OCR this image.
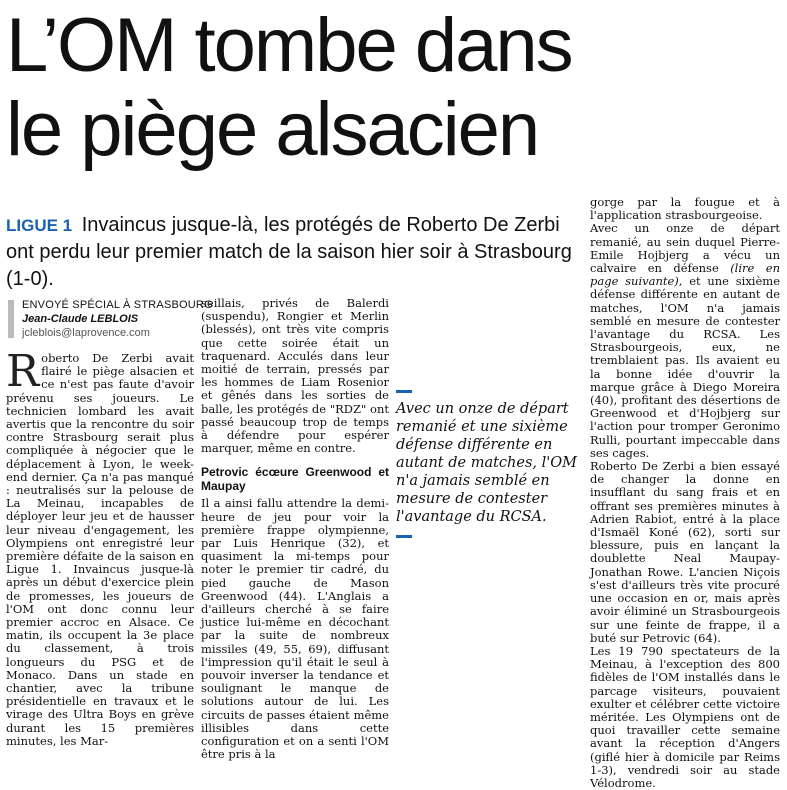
L’OM tombe dans
le piège alsacien
LIGUE 1 Invaincus jusque-là, les protégés de Roberto De Zerbi ont perdu leur premier match de la saison hier soir à Strasbourg (1-0).
ENVOYÉ SPÉCIAL À STRASBOURG
Jean-Claude LEBLOIS
jcleblois@laprovence.com

Roberto De Zerbi avait flairé le piège alsacien et ce n'est pas faute d'avoir prévenu ses joueurs. Le technicien lombard les avait avertis que la rencontre du soir contre Strasbourg serait plus compliquée à négocier que le déplacement à Lyon, le week-end dernier. Ça n'a pas manqué : neutralisés sur la pelouse de La Meinau, incapables de déployer leur jeu et de hausser leur niveau d'engagement, les Olympiens ont enregistré leur première défaite de la saison en Ligue 1. Invaincus jusque-là après un début d'exercice plein de promesses, les joueurs de l'OM ont donc connu leur premier accroc en Alsace. Ce matin, ils occupent la 3e place du classement, à trois longueurs du PSG et de Monaco. Dans un stade en chantier, avec la tribune présidentielle en travaux et le virage des Ultra Boys en grève durant les 15 premières minutes, les Mar-

seillais, privés de Balerdi (suspendu), Rongier et Merlin (blessés), ont très vite compris que cette soirée était un traquenard. Acculés dans leur moitié de terrain, pressés par les hommes de Liam Rosenior et gênés dans les sorties de balle, les protégés de "RDZ" ont passé beaucoup trop de temps à défendre pour espérer marquer, même en contre.

Petrovic écœure Greenwood et Maupay

Il a ainsi fallu attendre la demi-heure de jeu pour voir la première frappe olympienne, par Luis Henrique (32), et quasiment la mi-temps pour noter le premier tir cadré, du pied gauche de Mason Greenwood (44). L'Anglais a d'ailleurs cherché à se faire justice lui-même en décochant par la suite de nombreux missiles (49, 55, 69), diffusant l'impression qu'il était le seul à pouvoir inverser la tendance et soulignant le manque de solutions autour de lui. Les circuits de passes étaient même illisibles dans cette configuration et on a senti l'OM être pris à la

Avec un onze de départ remanié et une sixième défense différente en autant de matches, l'OM n'a jamais semblé en mesure de contester l'avantage du RCSA.

gorge par la fougue et à l'application strasbourgeoise.

Avec un onze de départ remanié, au sein duquel Pierre-Emile Hojbjerg a vécu un calvaire en défense (lire en page suivante), et une sixième défense différente en autant de matches, l'OM n'a jamais semblé en mesure de contester l'avantage du RCSA. Les Strasbourgeois, eux, ne tremblaient pas. Ils avaient eu la bonne idée d'ouvrir la marque grâce à Diego Moreira (40), profitant des désertions de Greenwood et d'Hojbjerg sur l'action pour tromper Geronimo Rulli, pourtant impeccable dans ses cages.

Roberto De Zerbi a bien essayé de changer la donne en insufflant du sang frais et en offrant ses premières minutes à Adrien Rabiot, entré à la place d'Ismaël Koné (62), sorti sur blessure, puis en lançant la doublette Neal Maupay-Jonathan Rowe. L'ancien Niçois s'est d'ailleurs très vite procuré une occasion en or, mais après avoir éliminé un Strasbourgeois sur une feinte de frappe, il a buté sur Petrovic (64).

Les 19 790 spectateurs de la Meinau, à l'exception des 800 fidèles de l'OM installés dans le parcage visiteurs, pouvaient exulter et célébrer cette victoire méritée. Les Olympiens ont de quoi travailler cette semaine avant la réception d'Angers (giflé hier à domicile par Reims 1-3), vendredi soir au stade Vélodrome.
